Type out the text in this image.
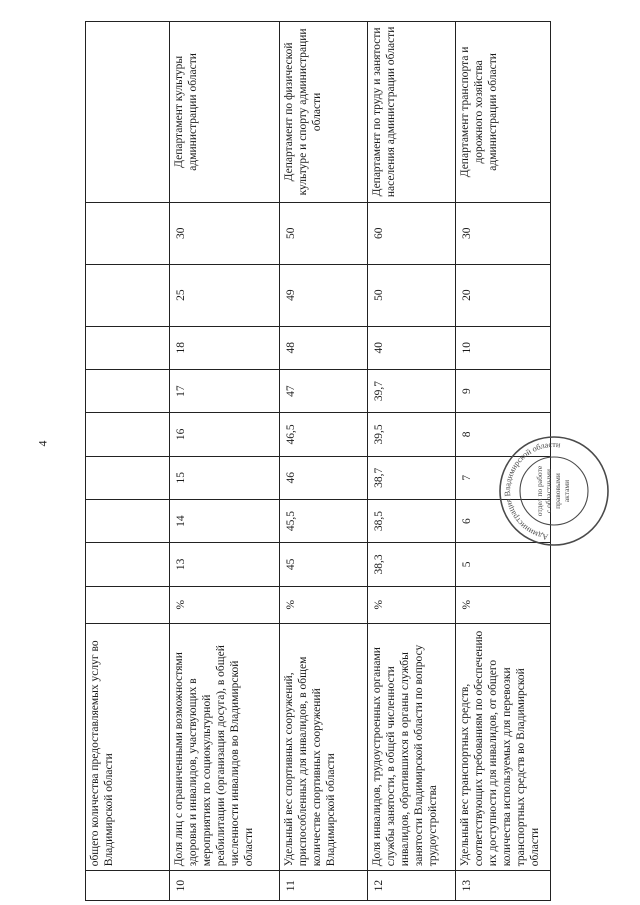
4
	общего количества предоставляемых услуг во Владимирской области										
10	Доля лиц с ограниченными возможностями здоровья и инвалидов, участвующих в мероприятиях по социокультурной реабилитации (организация досуга), в общей численности инвалидов во Владимирской области	%	13	14	15	16	17	18	25	30	Департамент культуры администрации области
11	Удельный вес спортивных сооружений, приспособленных для инвалидов, в общем количестве спортивных сооружений Владимирской области	%	45	45,5	46	46,5	47	48	49	50	Департамент по физической культуре и спорту администрации области
12	Доля инвалидов, трудоустроенных органами службы занятости, в общей численности инвалидов, обратившихся в органы службы занятости Владимирской области по вопросу трудоустройства	%	38,3	38,5	38,7	39,5	39,7	40	50	60	Департамент по труду и занятости населения администрации области
13	Удельный вес транспортных средств, соответствующих требованиям по обеспечению их доступности для инвалидов, от общего количества используемых для перевозки транспортных средств во Владимирской области	%	5	6	7	8	9	10	20	30	Департамент транспорта и дорожного хозяйства администрации области
отдел по работес областнымиправовымиактами
Администрация Владимирской области
